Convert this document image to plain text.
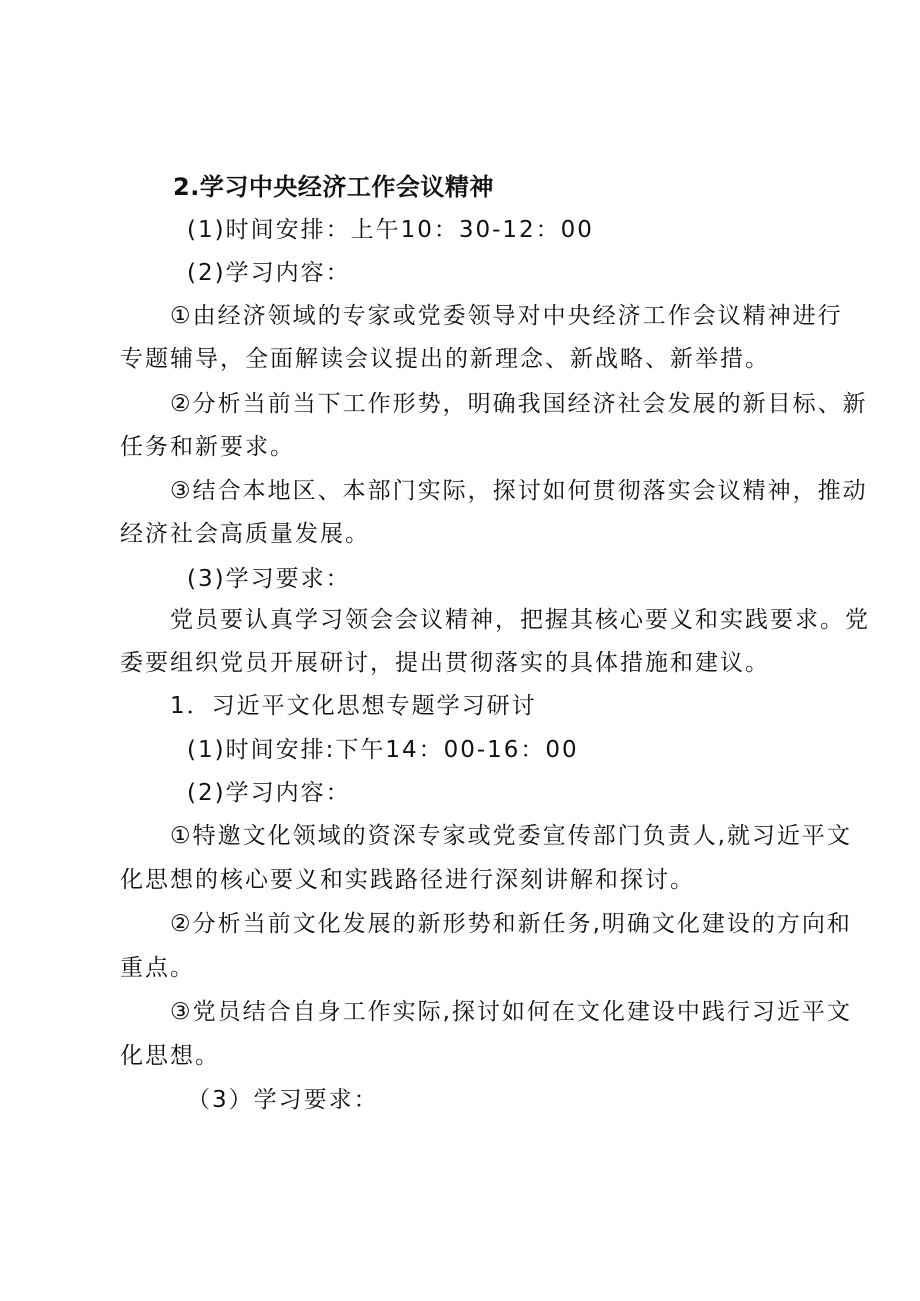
2.学习中央经济工作会议精神
(1)时间安排：上午10：30-12：00
(2)学习内容：
①由经济领域的专家或党委领导对中央经济工作会议精神进行
专题辅导，全面解读会议提出的新理念、新战略、新举措。
②分析当前当下工作形势，明确我国经济社会发展的新目标、新
任务和新要求。
③结合本地区、本部门实际，探讨如何贯彻落实会议精神，推动
经济社会高质量发展。
(3)学习要求：
党员要认真学习领会会议精神，把握其核心要义和实践要求。党
委要组织党员开展研讨，提出贯彻落实的具体措施和建议。
1．习近平文化思想专题学习研讨
(1)时间安排:下午14：00-16：00
(2)学习内容：
①特邀文化领域的资深专家或党委宣传部门负责人,就习近平文
化思想的核心要义和实践路径进行深刻讲解和探讨。
②分析当前文化发展的新形势和新任务,明确文化建设的方向和
重点。
③党员结合自身工作实际,探讨如何在文化建设中践行习近平文
化思想。
（3）学习要求：
